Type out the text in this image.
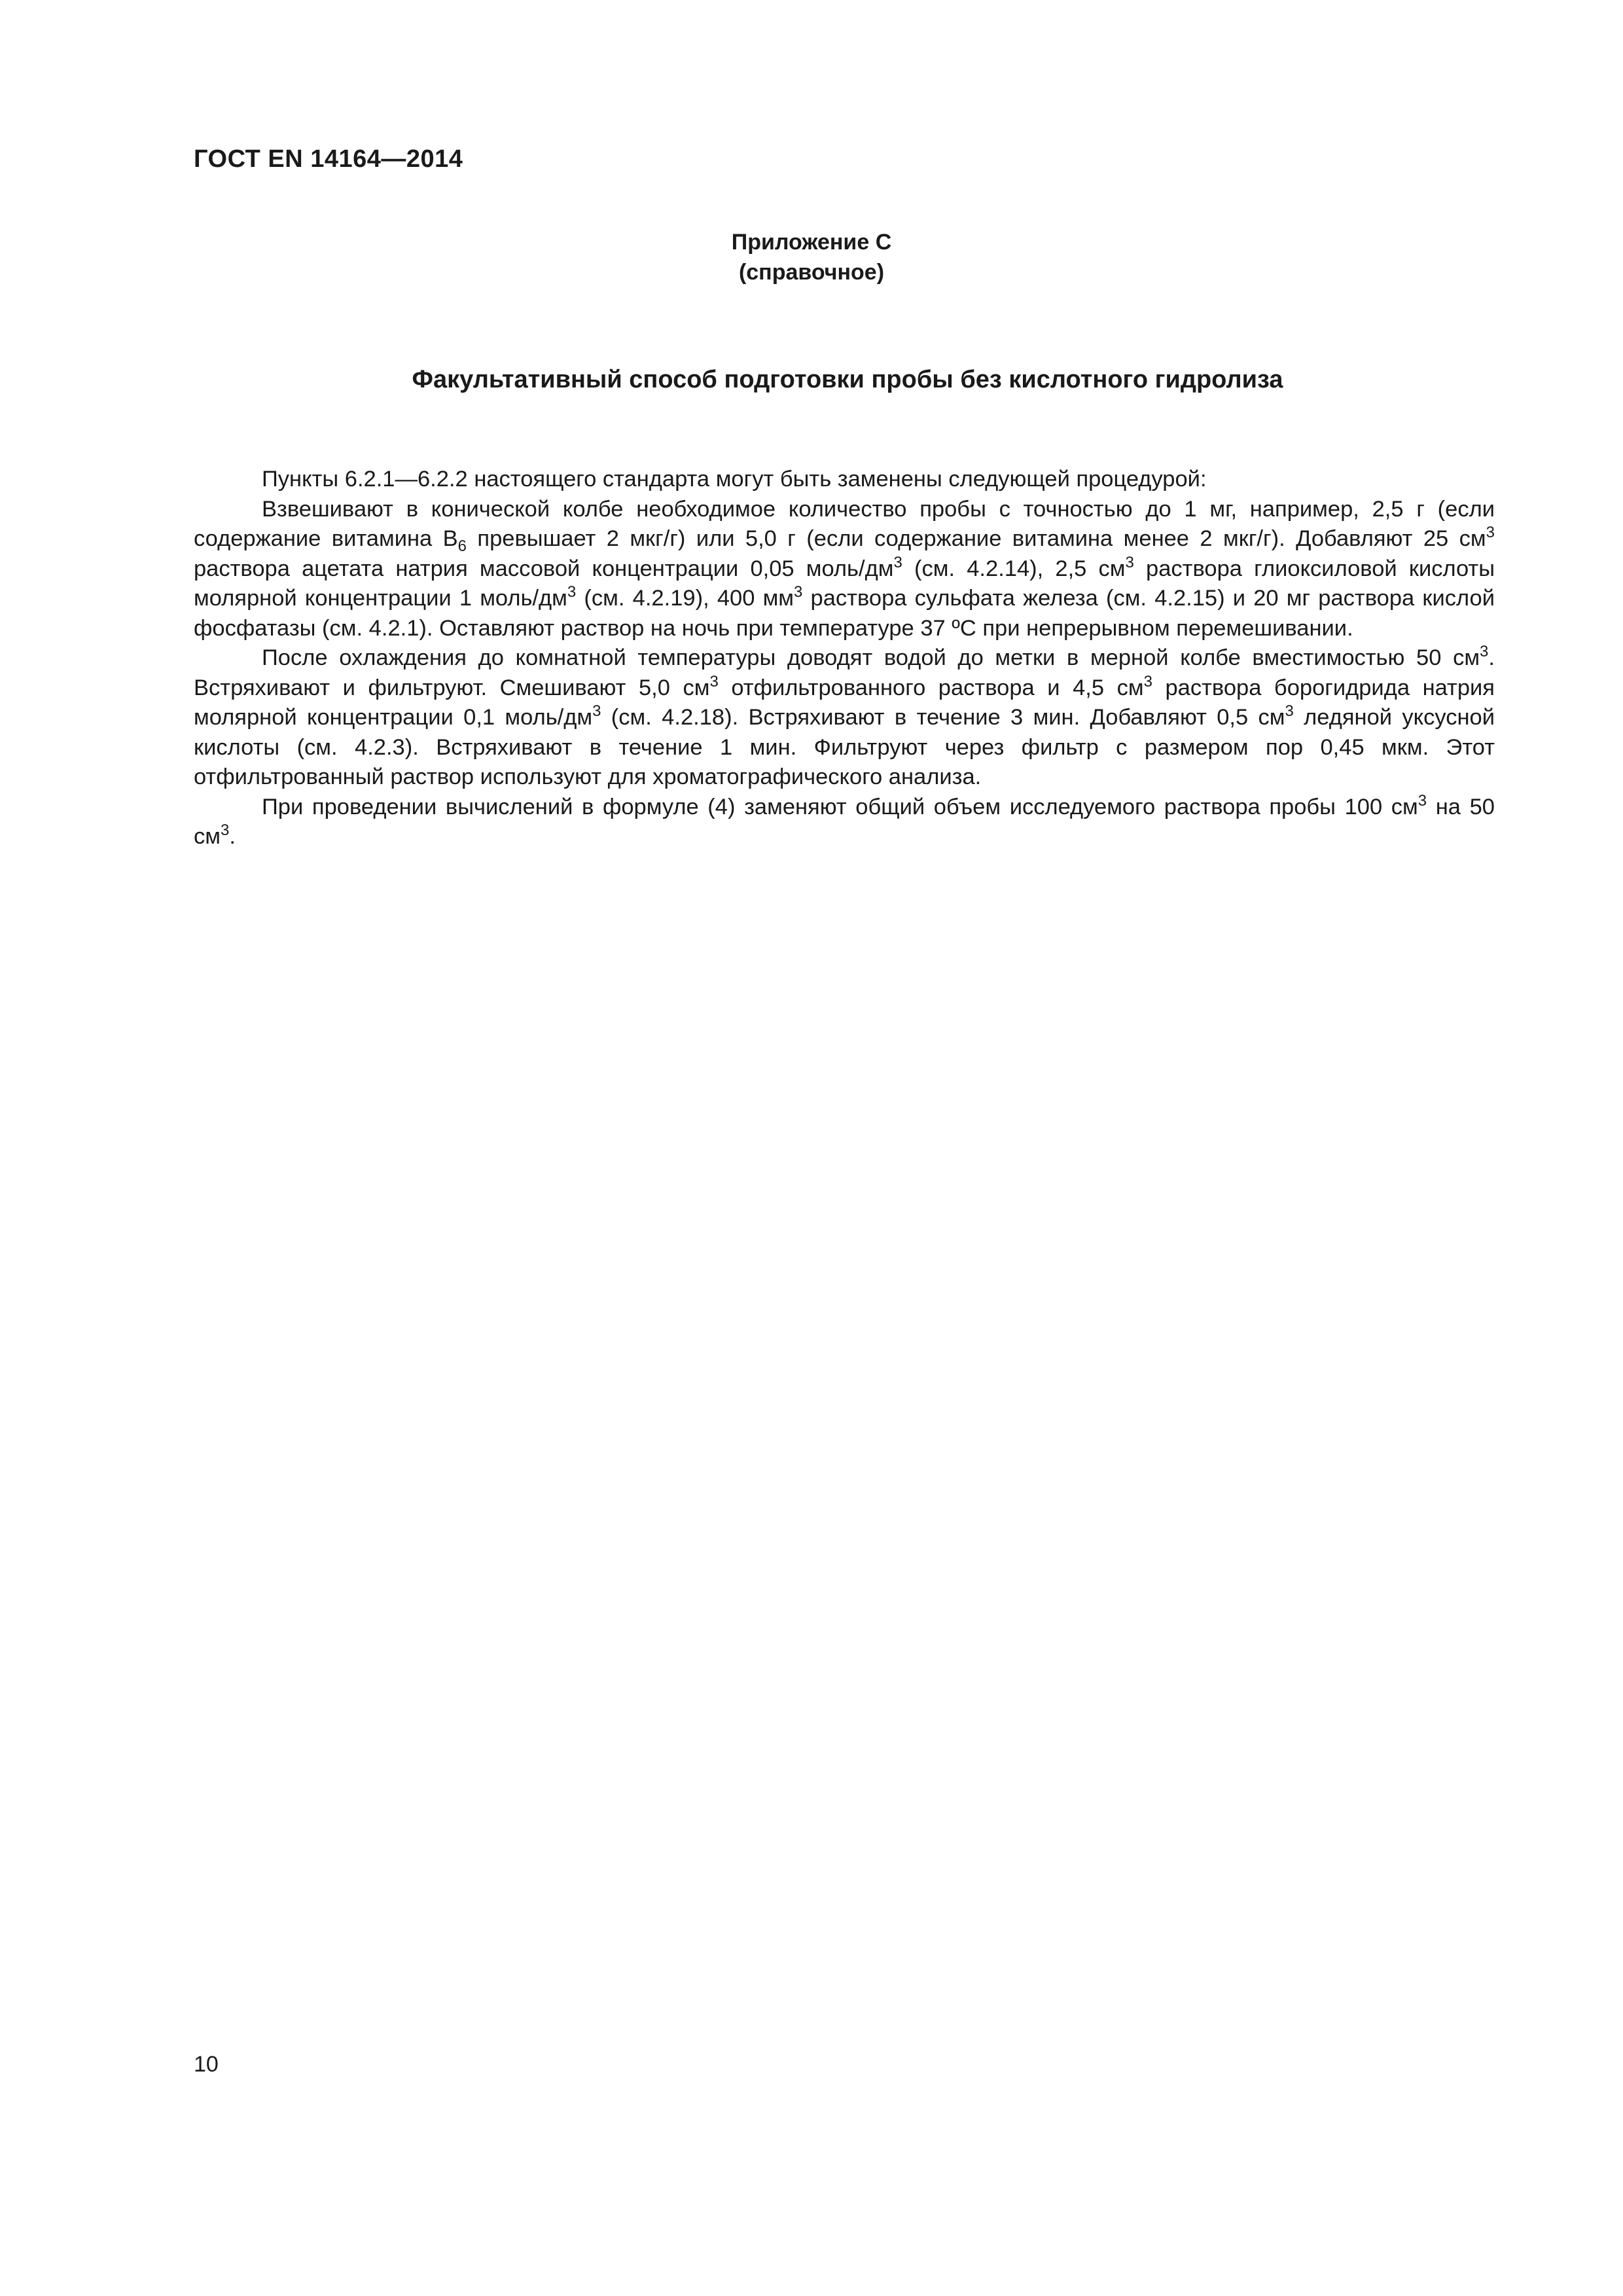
ГОСТ EN 14164—2014
Приложение С
(справочное)
Факультативный способ подготовки пробы без кислотного гидролиза

Пункты 6.2.1—6.2.2 настоящего стандарта могут быть заменены следующей процедурой:

Взвешивают в конической колбе необходимое количество пробы с точностью до 1 мг, например, 2,5 г (если содержание витамина $В_6$ превышает 2 мкг/г) или 5,0 г (если содержание витамина менее 2 мкг/г). Добавляют 25 $см^3$ раствора ацетата натрия массовой концентрации 0,05 моль/$дм^3$ (см. 4.2.14), 2,5 $см^3$ раствора глиоксиловой кислоты молярной концентрации 1 моль/$дм^3$ (см. 4.2.19), 400 $мм^3$ раствора сульфата железа (см. 4.2.15) и 20 мг раствора кислой фосфатазы (см. 4.2.1). Оставляют раствор на ночь при температуре 37 ºС при непрерывном перемешивании.

После охлаждения до комнатной температуры доводят водой до метки в мерной колбе вместимостью 50 $см^3$. Встряхивают и фильтруют. Смешивают 5,0 $см^3$ отфильтрованного раствора и 4,5 $см^3$ раствора борогидрида натрия молярной концентрации 0,1 моль/$дм^3$ (см. 4.2.18). Встряхивают в течение 3 мин. Добавляют 0,5 $см^3$ ледяной уксусной кислоты (см. 4.2.3). Встряхивают в течение 1 мин. Фильтруют через фильтр с размером пор 0,45 мкм. Этот отфильтрованный раствор используют для хроматографического анализа.

При проведении вычислений в формуле (4) заменяют общий объем исследуемого раствора пробы 100 $см^3$ на 50 $см^3$.

10
